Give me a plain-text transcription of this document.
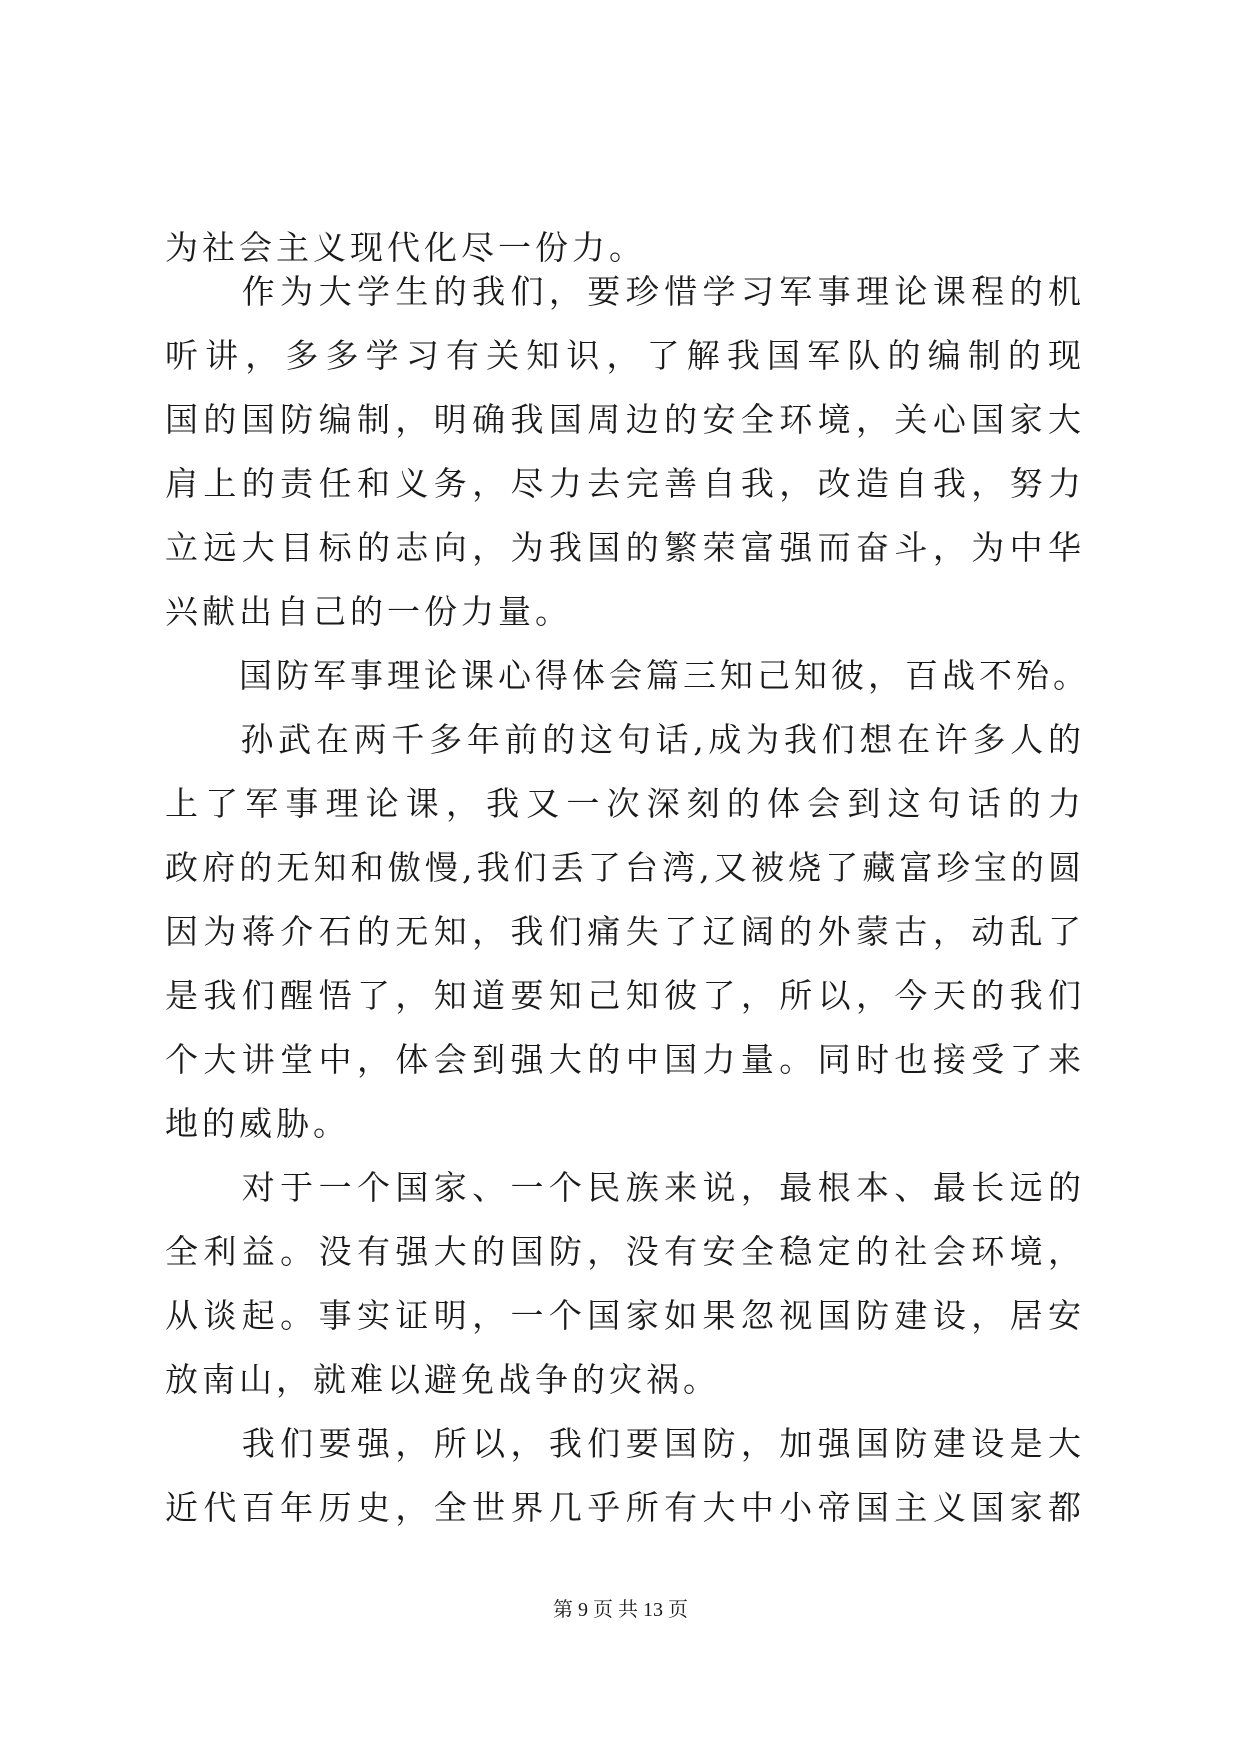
为社会主义现代化尽一份力。
　　作为大学生的我们，要珍惜学习军事理论课程的机
听讲，多多学习有关知识，了解我国军队的编制的现
国的国防编制，明确我国周边的安全环境，关心国家大
肩上的责任和义务，尽力去完善自我，改造自我，努力
立远大目标的志向，为我国的繁荣富强而奋斗，为中华
兴献出自己的一份力量。
　　国防军事理论课心得体会篇三知己知彼，百战不殆。
　　孙武在两千多年前的这句话,成为我们想在许多人的
上了军事理论课，我又一次深刻的体会到这句话的力
政府的无知和傲慢,我们丢了台湾,又被烧了藏富珍宝的圆
因为蒋介石的无知，我们痛失了辽阔的外蒙古，动乱了
是我们醒悟了，知道要知己知彼了，所以，今天的我们
个大讲堂中，体会到强大的中国力量。同时也接受了来
地的威胁。
　　对于一个国家、一个民族来说，最根本、最长远的
全利益。没有强大的国防，没有安全稳定的社会环境，
从谈起。事实证明，一个国家如果忽视国防建设，居安
放南山，就难以避免战争的灾祸。
　　我们要强，所以，我们要国防，加强国防建设是大
近代百年历史，全世界几乎所有大中小帝国主义国家都
第 9 页 共 13 页
